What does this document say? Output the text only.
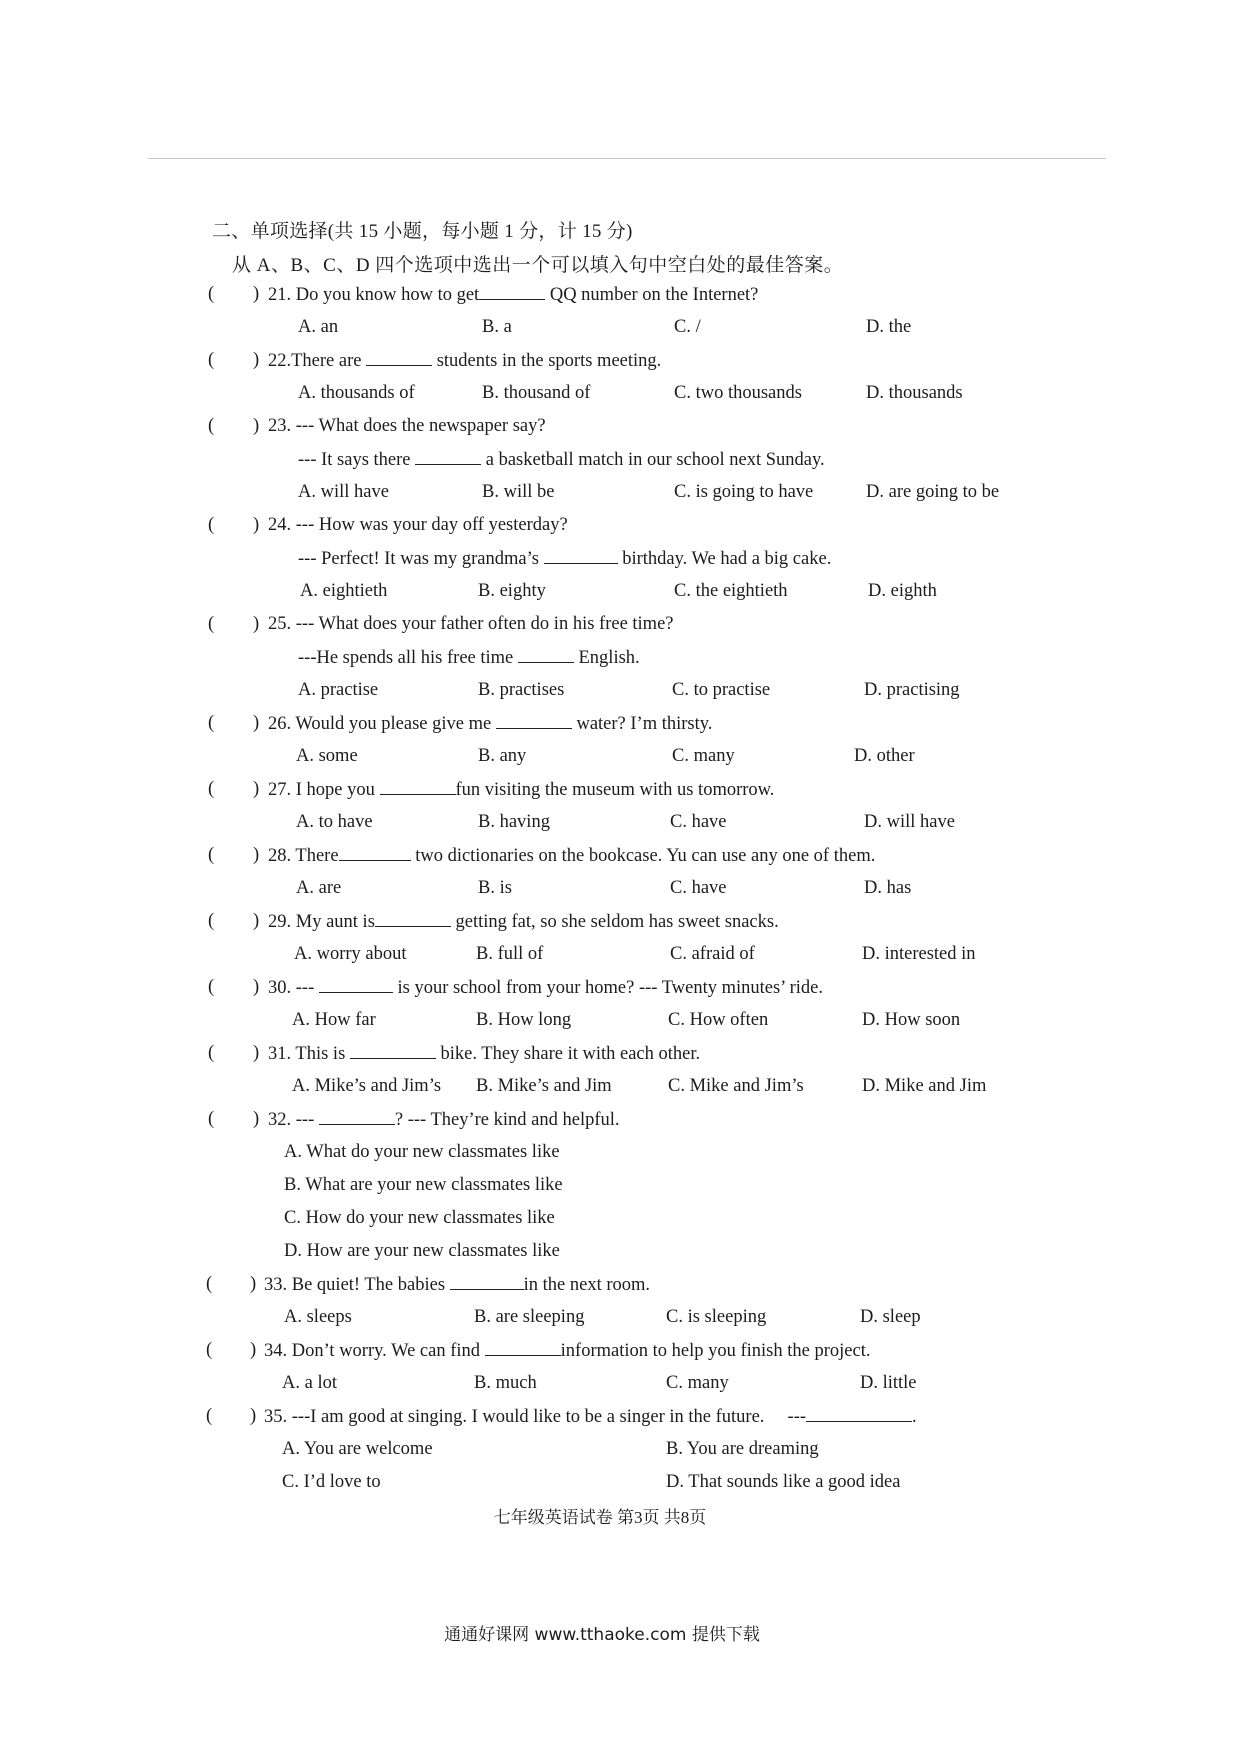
二、单项选择(共 15 小题，每小题 1 分，计 15 分)
从 A、B、C、D 四个选项中选出一个可以填入句中空白处的最佳答案。
( ) 21. Do you know how to get	QQ number on the Internet?
A. an	B. a	C. /	D. the
( ) 22.There are	students in the sports meeting.
A. thousands of	B. thousand of	C. two thousands	D. thousands
( ) 23. --- What does the newspaper say?
--- It says there	a basketball match in our school next Sunday.
A. will have	B. will be	C. is going to have	D. are going to be
( ) 24. --- How was your day off yesterday?
--- Perfect! It was my grandma’s	birthday. We had a big cake.
A. eightieth	B. eighty	C. the eightieth	D. eighth
( ) 25. --- What does your father often do in his free time?
---He spends all his free time	English.
A. practise	B. practises	C. to practise	D. practising
( ) 26. Would you please give me	water? I’m thirsty.
A. some	B. any	C. many	D. other
( ) 27. I hope you	fun visiting the museum with us tomorrow.
A. to have	B. having	C. have	D. will have
( ) 28. There	two dictionaries on the bookcase. Yu can use any one of them.
A. are	B. is	C. have	D. has
( ) 29. My aunt is	getting fat, so she seldom has sweet snacks.
A. worry about	B. full of	C. afraid of	D. interested in
( ) 30. ---	is your school from your home? --- Twenty minutes’ ride.
A. How far	B. How long	C. How often	D. How soon
( ) 31. This is	bike. They share it with each other.
A. Mike’s and Jim’s B. Mike’s and Jim	C. Mike and Jim’s	D. Mike and Jim
( ) 32. ---	? --- They’re kind and helpful.
A. What do your new classmates like
B. What are your new classmates like
C. How do your new classmates like
D. How are your new classmates like
( ) 33. Be quiet! The babies	in the next room.
A. sleeps	B. are sleeping	C. is sleeping	D. sleep
( ) 34. Don’t worry. We can find	information to help you finish the project.
A. a lot	B. much	C. many	D. little
( ) 35. ---I am good at singing. I would like to be a singer in the future. ---	.
A. You are welcome	B. You are dreaming
C. I’d love to	D. That sounds like a good idea
七年级英语试卷 第3页 共8页
通通好课网 www.tthaoke.com 提供下载
